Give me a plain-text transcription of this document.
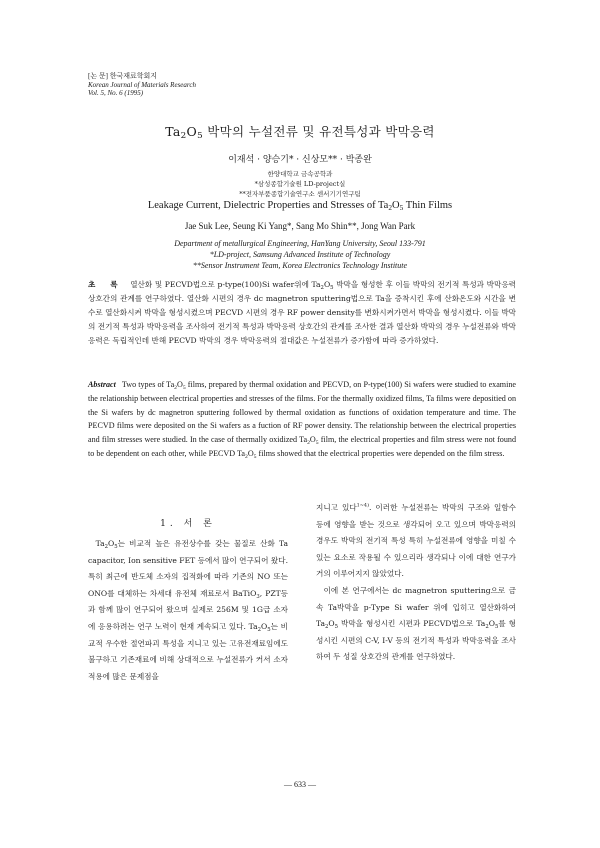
[논 문] 한국재료학회지
Korean Journal of Materials Research
Vol. 5, No. 6 (1995)
$Ta_2O_5$ 박막의 누설전류 및 유전특성과 박막응력
이재석 · 양승기* · 신상모** · 박종완
한양대학교 금속공학과
*삼성종합기술원 LD-project실
**전자부품종합기술연구소 센서기기연구팀
Leakage Current, Dielectric Properties and Stresses of $Ta_2O_5$ Thin Films
Jae Suk Lee, Seung Ki Yang*, Sang Mo Shin**, Jong Wan Park
Department of metallurgical Engineering, HanYang University, Seoul 133-791
*LD-project, Samsung Advanced Institute of Technology
**Sensor Instrument Team, Korea Electronics Technology Institute
초 록 열산화 및 PECVD법으로 p-type(100)Si wafer위에 $Ta_2O_5$ 박막을 형성한 후 이들 박막의 전기적 특성과 박막응력 상호간의 관계를 연구하였다. 열산화 시편의 경우 dc magnetron sputtering법으로 Ta을 증착시킨 후에 산화온도와 시간을 변수로 열산화시켜 박막을 형성시켰으며 PECVD 시편의 경우 RF power density를 변화시켜가면서 박막을 형성시켰다. 이들 박막의 전기적 특성과 박막응력을 조사하여 전기적 특성과 박막응력 상호간의 관계를 조사한 결과 열산화 박막의 경우 누설전류와 박막응력은 독립적인데 반해 PECVD 박막의 경우 박막응력의 절대값은 누설전류가 증가함에 따라 증가하였다.
Abstract Two types of $Ta_2O_5$ films, prepared by thermal oxidation and PECVD, on P-type(100) Si wafers were studied to examine the relationship between electrical properties and stresses of the films. For the thermally oxidized films, Ta films were depositied on the Si wafers by dc magnetron sputtering followed by thermal oxidation as functions of oxidation temperature and time. The PECVD films were deposited on the Si wafers as a fuction of RF power density. The relationship between the electrical properties and film stresses were studied. In the case of thermally oxidized $Ta_2O_5$ film, the electrical properties and film stress were not found to be dependent on each other, while PECVD $Ta_2O_5$ films showed that the electrical properties were depended on the film stress.
1. 서 론

$Ta_2O_5$는 비교적 높은 유전상수를 갖는 물질로 산화 Ta capacitor, Ion sensitive FET 등에서 많이 연구되어 왔다. 특히 최근에 반도체 소자의 집적화에 따라 기존의 NO 또는 ONO를 대체하는 차세대 유전체 재료로서 BaTiO$_3$, PZT등과 함께 많이 연구되어 왔으며 실제로 256M 및 1G급 소자에 응용하려는 연구 노력이 현재 계속되고 있다. $Ta_2O_5$는 비교적 우수한 절연파괴 특성을 지니고 있는 고유전재료임에도 불구하고 기존재료에 비해 상대적으로 누설전류가 커서 소자 적용에 많은 문제점을

지니고 있다$^{1\sim 4)}$. 이러한 누설전류는 박막의 구조와 일함수 등에 영향을 받는 것으로 생각되어 오고 있으며 박막응력의 경우도 박막의 전기적 특성 특히 누설전류에 영향을 미칠 수 있는 요소로 작용될 수 있으리라 생각되나 이에 대한 연구가 거의 이루어지지 않았었다.

이에 본 연구에서는 dc magnetron sputtering으로 금속 Ta박막을 p-Type Si wafer 위에 입히고 열산화하여 $Ta_2O_5$ 박막을 형성시킨 시편과 PECVD법으로 $Ta_2O_5$를 형성시킨 시편의 C-V, I-V 등의 전기적 특성과 박막응력을 조사하여 두 성질 상호간의 관계를 연구하였다.

— 633 —
